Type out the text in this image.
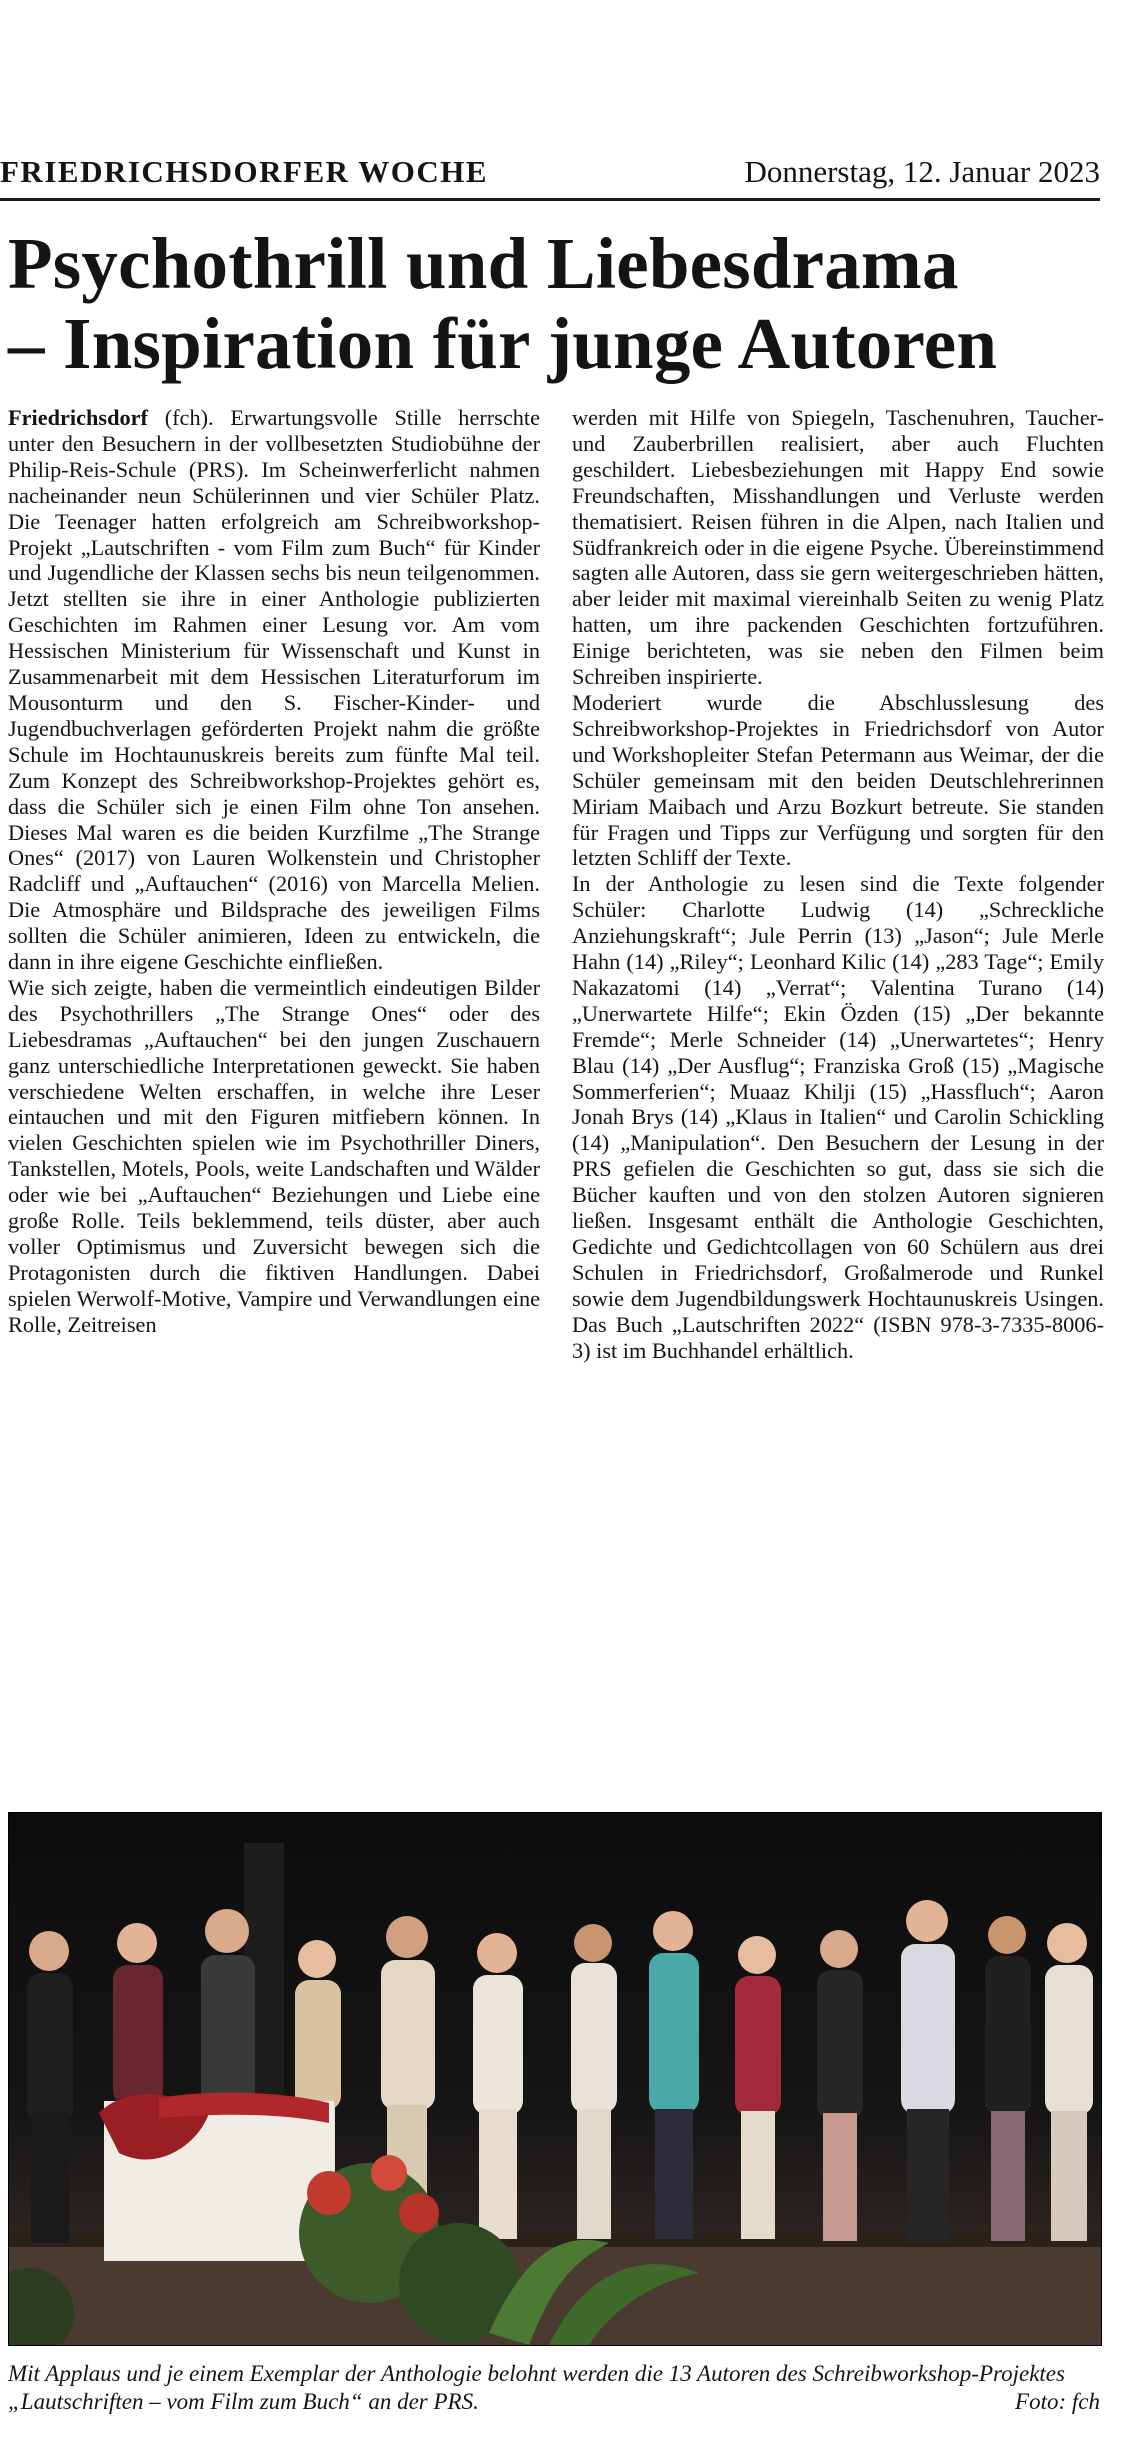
FRIEDRICHSDORFER WOCHE	Donnerstag, 12. Januar 2023
Psychothrill und Liebesdrama
– Inspiration für junge Autoren

Friedrichsdorf (fch). Erwartungsvolle Stille herrschte unter den Besuchern in der vollbesetzten Studiobühne der Philip-Reis-Schule (PRS). Im Scheinwerferlicht nahmen nacheinander neun Schülerinnen und vier Schüler Platz. Die Teenager hatten erfolgreich am Schreibworkshop-Projekt „Lautschriften - vom Film zum Buch“ für Kinder und Jugendliche der Klassen sechs bis neun teilgenommen. Jetzt stellten sie ihre in einer Anthologie publizierten Geschichten im Rahmen einer Lesung vor. Am vom Hessischen Ministerium für Wissenschaft und Kunst in Zusammenarbeit mit dem Hessischen Literaturforum im Mousonturm und den S. Fischer-Kinder- und Jugendbuchverlagen geförderten Projekt nahm die größte Schule im Hochtaunuskreis bereits zum fünfte Mal teil. Zum Konzept des Schreibworkshop-Projektes gehört es, dass die Schüler sich je einen Film ohne Ton ansehen. Dieses Mal waren es die beiden Kurzfilme „The Strange Ones“ (2017) von Lauren Wolkenstein und Christopher Radcliff und „Auftauchen“ (2016) von Marcella Melien. Die Atmosphäre und Bildsprache des jeweiligen Films sollten die Schüler animieren, Ideen zu entwickeln, die dann in ihre eigene Geschichte einfließen.

Wie sich zeigte, haben die vermeintlich eindeutigen Bilder des Psychothrillers „The Strange Ones“ oder des Liebesdramas „Auftauchen“ bei den jungen Zuschauern ganz unterschiedliche Interpretationen geweckt. Sie haben verschiedene Welten erschaffen, in welche ihre Leser eintauchen und mit den Figuren mitfiebern können. In vielen Geschichten spielen wie im Psychothriller Diners, Tankstellen, Motels, Pools, weite Landschaften und Wälder oder wie bei „Auftauchen“ Beziehungen und Liebe eine große Rolle. Teils beklemmend, teils düster, aber auch voller Optimismus und Zuversicht bewegen sich die Protagonisten durch die fiktiven Handlungen. Dabei spielen Werwolf-Motive, Vampire und Verwandlungen eine Rolle, Zeitreisen

werden mit Hilfe von Spiegeln, Taschenuhren, Taucher- und Zauberbrillen realisiert, aber auch Fluchten geschildert. Liebesbeziehungen mit Happy End sowie Freundschaften, Misshandlungen und Verluste werden thematisiert. Reisen führen in die Alpen, nach Italien und Südfrankreich oder in die eigene Psyche. Übereinstimmend sagten alle Autoren, dass sie gern weitergeschrieben hätten, aber leider mit maximal viereinhalb Seiten zu wenig Platz hatten, um ihre packenden Geschichten fortzuführen. Einige berichteten, was sie neben den Filmen beim Schreiben inspirierte.

Moderiert wurde die Abschlusslesung des Schreibworkshop-Projektes in Friedrichsdorf von Autor und Workshopleiter Stefan Petermann aus Weimar, der die Schüler gemeinsam mit den beiden Deutschlehrerinnen Miriam Maibach und Arzu Bozkurt betreute. Sie standen für Fragen und Tipps zur Verfügung und sorgten für den letzten Schliff der Texte.

In der Anthologie zu lesen sind die Texte folgender Schüler: Charlotte Ludwig (14) „Schreckliche Anziehungskraft“; Jule Perrin (13) „Jason“; Jule Merle Hahn (14) „Riley“; Leonhard Kilic (14) „283 Tage“; Emily Nakazatomi (14) „Verrat“; Valentina Turano (14) „Unerwartete Hilfe“; Ekin Özden (15) „Der bekannte Fremde“; Merle Schneider (14) „Unerwartetes“; Henry Blau (14) „Der Ausflug“; Franziska Groß (15) „Magische Sommerferien“; Muaaz Khilji (15) „Hassfluch“; Aaron Jonah Brys (14) „Klaus in Italien“ und Carolin Schickling (14) „Manipulation“. Den Besuchern der Lesung in der PRS gefielen die Geschichten so gut, dass sie sich die Bücher kauften und von den stolzen Autoren signieren ließen. Insgesamt enthält die Anthologie Geschichten, Gedichte und Gedichtcollagen von 60 Schülern aus drei Schulen in Friedrichsdorf, Großalmerode und Runkel sowie dem Jugendbildungswerk Hochtaunuskreis Usingen. Das Buch „Lautschriften 2022“ (ISBN 978-3-7335-8006-3) ist im Buchhandel erhältlich.

Mit Applaus und je einem Exemplar der Anthologie belohnt werden die 13 Autoren des Schreibworkshop-Projektes „Lautschriften – vom Film zum Buch“ an der PRS.	Foto: fch
